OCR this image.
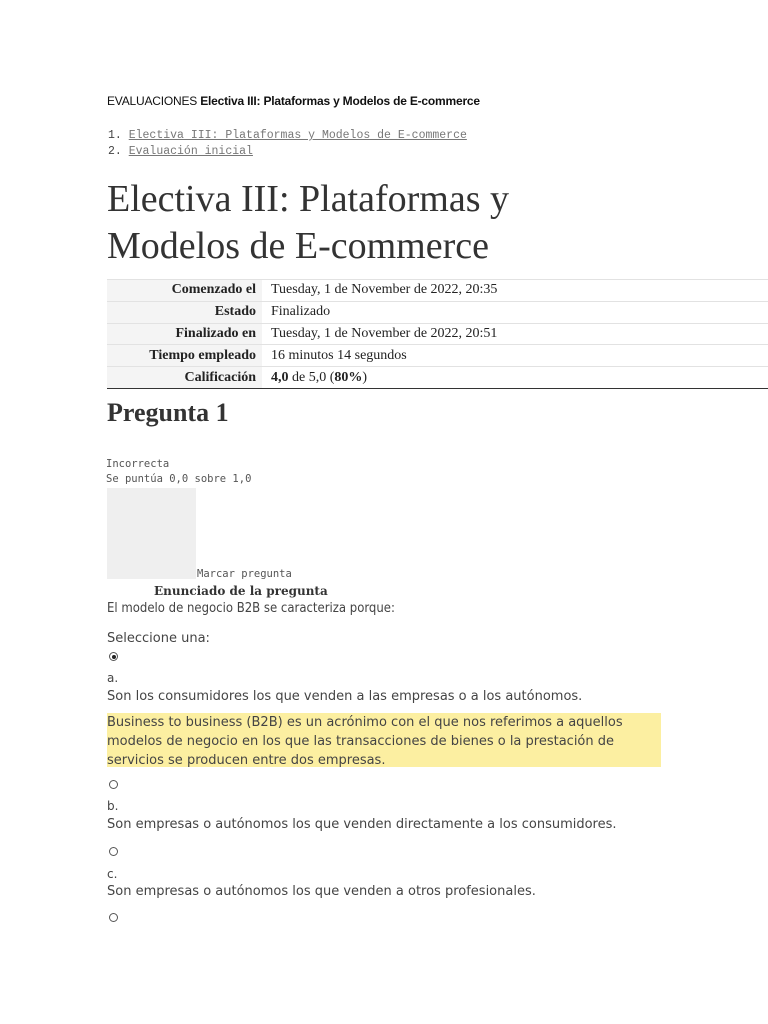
EVALUACIONES Electiva III: Plataformas y Modelos de E-commerce
1. Electiva III: Plataformas y Modelos de E-commerce
2. Evaluación inicial
Electiva III: Plataformas y Modelos de E-commerce
Comenzado el	Tuesday, 1 de November de 2022, 20:35
Estado	Finalizado
Finalizado en	Tuesday, 1 de November de 2022, 20:51
Tiempo empleado	16 minutos 14 segundos
Calificación	4,0 de 5,0 (80%)
Pregunta 1
Incorrecta
Se puntúa 0,0 sobre 1,0
Marcar pregunta
Enunciado de la pregunta
El modelo de negocio B2B se caracteriza porque:
Seleccione una:
a.
Son los consumidores los que venden a las empresas o a los autónomos.

Business to business (B2B) es un acrónimo con el que nos referimos a aquellos

modelos de negocio en los que las transacciones de bienes o la prestación de

servicios se producen entre dos empresas.

b.
Son empresas o autónomos los que venden directamente a los consumidores.
c.
Son empresas o autónomos los que venden a otros profesionales.
